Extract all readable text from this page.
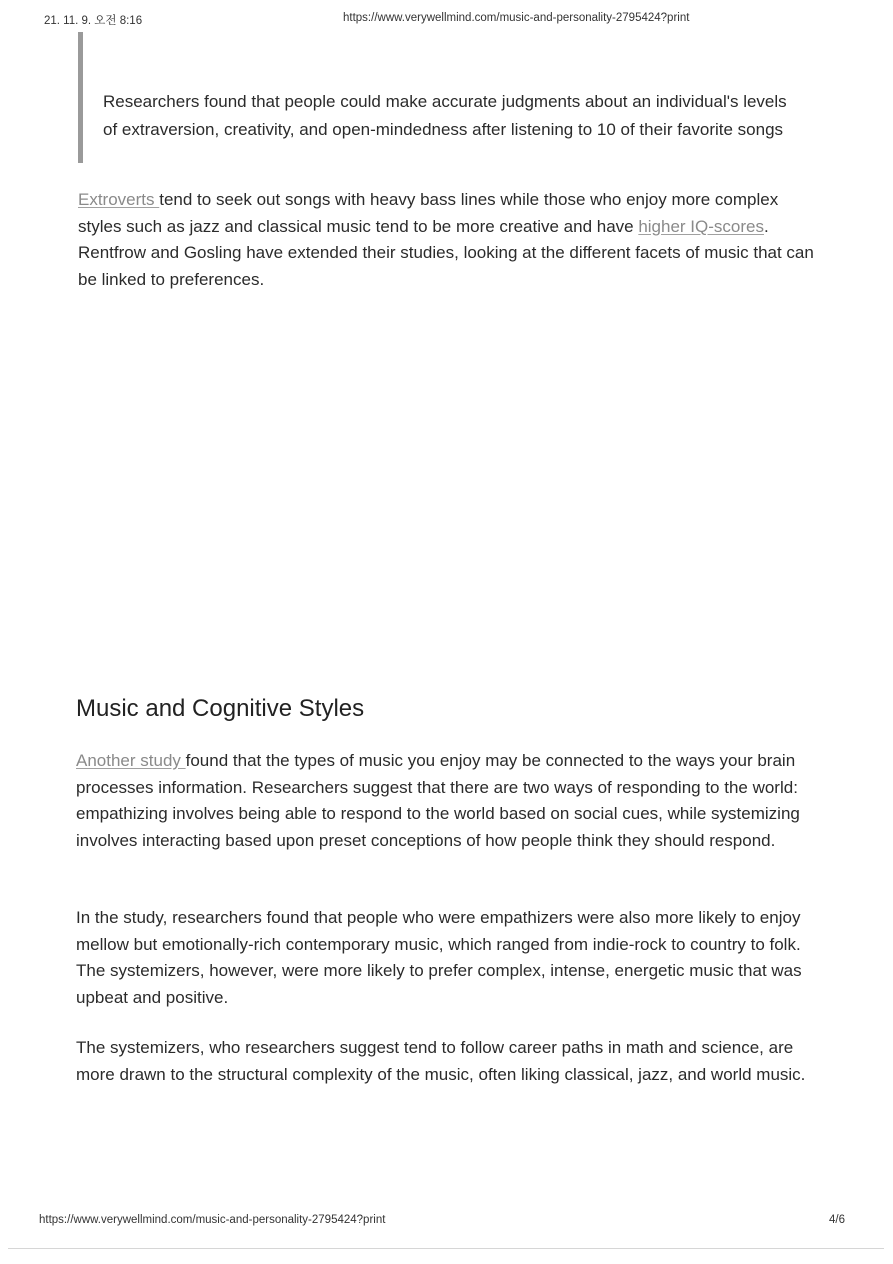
21. 11. 9. 오전 8:16	https://www.verywellmind.com/music-and-personality-2795424?print
Researchers found that people could make accurate judgments about an individual's levels
of extraversion, creativity, and open-mindedness after listening to 10 of their favorite songs

Extroverts tend to seek out songs with heavy bass lines while those who enjoy more complex styles such as jazz and classical music tend to be more creative and have higher IQ-scores. Rentfrow and Gosling have extended their studies, looking at the different facets of music that can be linked to preferences.

Music and Cognitive Styles

Another study found that the types of music you enjoy may be connected to the ways your brain processes information. Researchers suggest that there are two ways of responding to the world: empathizing involves being able to respond to the world based on social cues, while systemizing involves interacting based upon preset conceptions of how people think they should respond.

In the study, researchers found that people who were empathizers were also more likely to enjoy mellow but emotionally-rich contemporary music, which ranged from indie-rock to country to folk. The systemizers, however, were more likely to prefer complex, intense, energetic music that was upbeat and positive.

The systemizers, who researchers suggest tend to follow career paths in math and science, are more drawn to the structural complexity of the music, often liking classical, jazz, and world music.

https://www.verywellmind.com/music-and-personality-2795424?print	4/6
